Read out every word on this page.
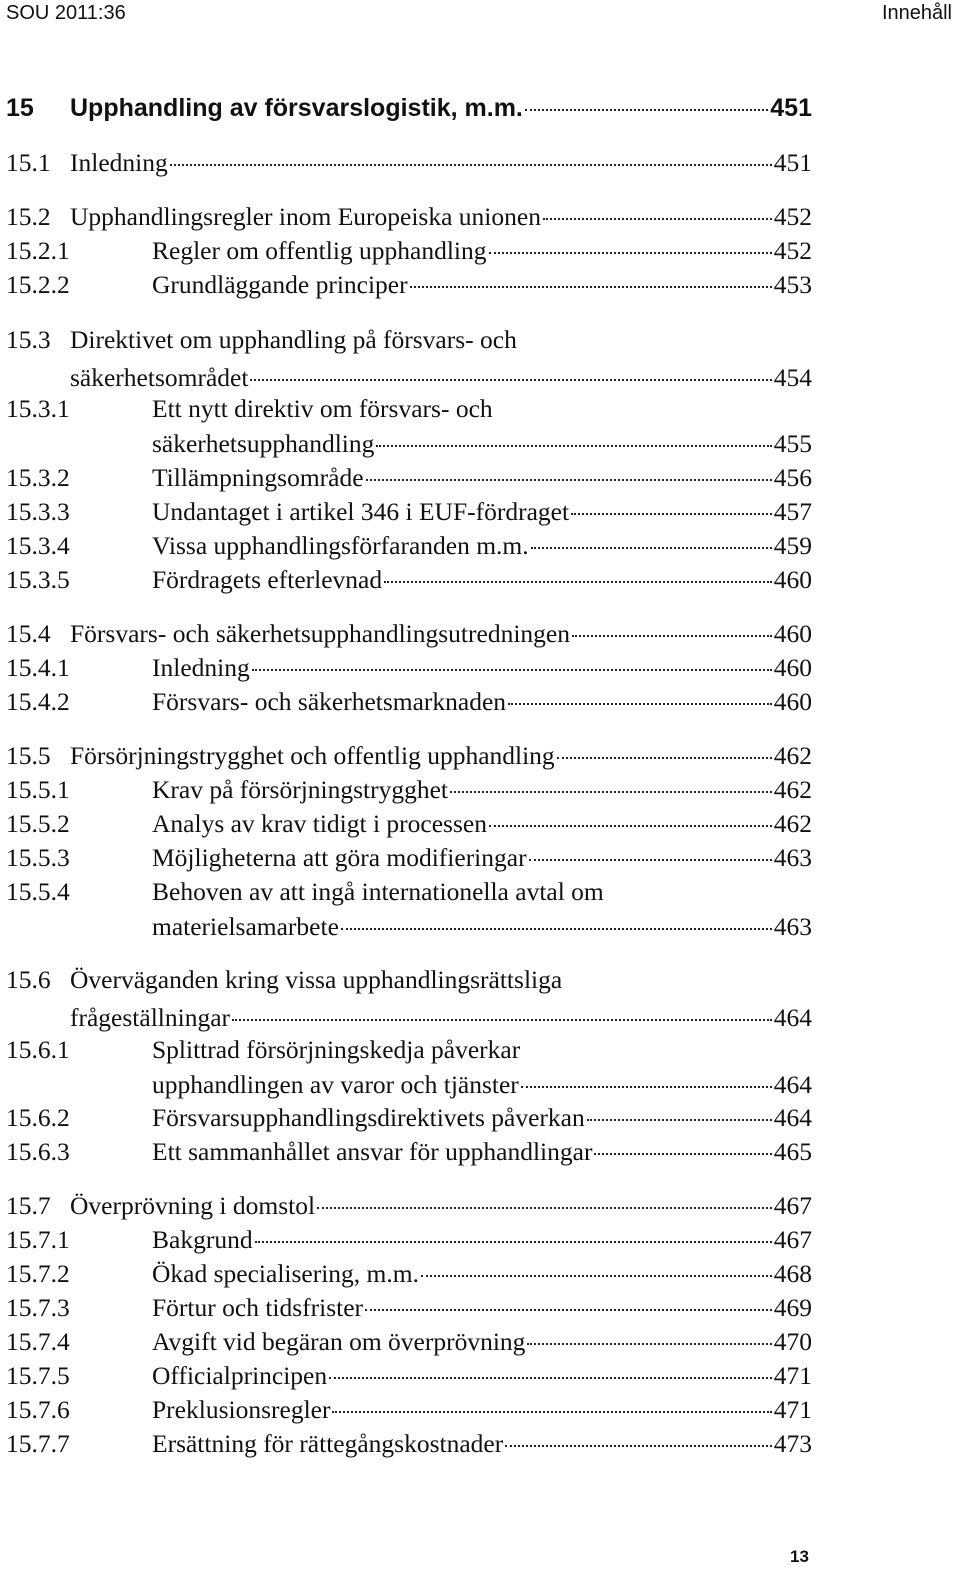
SOU 2011:36	Innehåll
15 Upphandling av försvarslogistik, m.m.	451
15.1 Inledning	451
15.2 Upphandlingsregler inom Europeiska unionen	452
15.2.1	Regler om offentlig upphandling	452
15.2.2	Grundläggande principer	453
15.3 Direktivet om upphandling på försvars- och
säkerhetsområdet	454
15.3.1	Ett nytt direktiv om försvars- och
säkerhetsupphandling	455
15.3.2	Tillämpningsområde	456
15.3.3	Undantaget i artikel 346 i EUF-fördraget	457
15.3.4	Vissa upphandlingsförfaranden m.m.	459
15.3.5	Fördragets efterlevnad	460
15.4 Försvars- och säkerhetsupphandlingsutredningen	460
15.4.1	Inledning	460
15.4.2	Försvars- och säkerhetsmarknaden	460
15.5 Försörjningstrygghet och offentlig upphandling	462
15.5.1	Krav på försörjningstrygghet	462
15.5.2	Analys av krav tidigt i processen	462
15.5.3	Möjligheterna att göra modifieringar	463
15.5.4	Behoven av att ingå internationella avtal om
materielsamarbete	463
15.6 Överväganden kring vissa upphandlingsrättsliga
frågeställningar	464
15.6.1	Splittrad försörjningskedja påverkar
upphandlingen av varor och tjänster	464
15.6.2	Försvarsupphandlingsdirektivets påverkan	464
15.6.3	Ett sammanhållet ansvar för upphandlingar	465
15.7 Överprövning i domstol	467
15.7.1	Bakgrund	467
15.7.2	Ökad specialisering, m.m.	468
15.7.3	Förtur och tidsfrister	469
15.7.4	Avgift vid begäran om överprövning	470
15.7.5	Officialprincipen	471
15.7.6	Preklusionsregler	471
15.7.7	Ersättning för rättegångskostnader	473
13
